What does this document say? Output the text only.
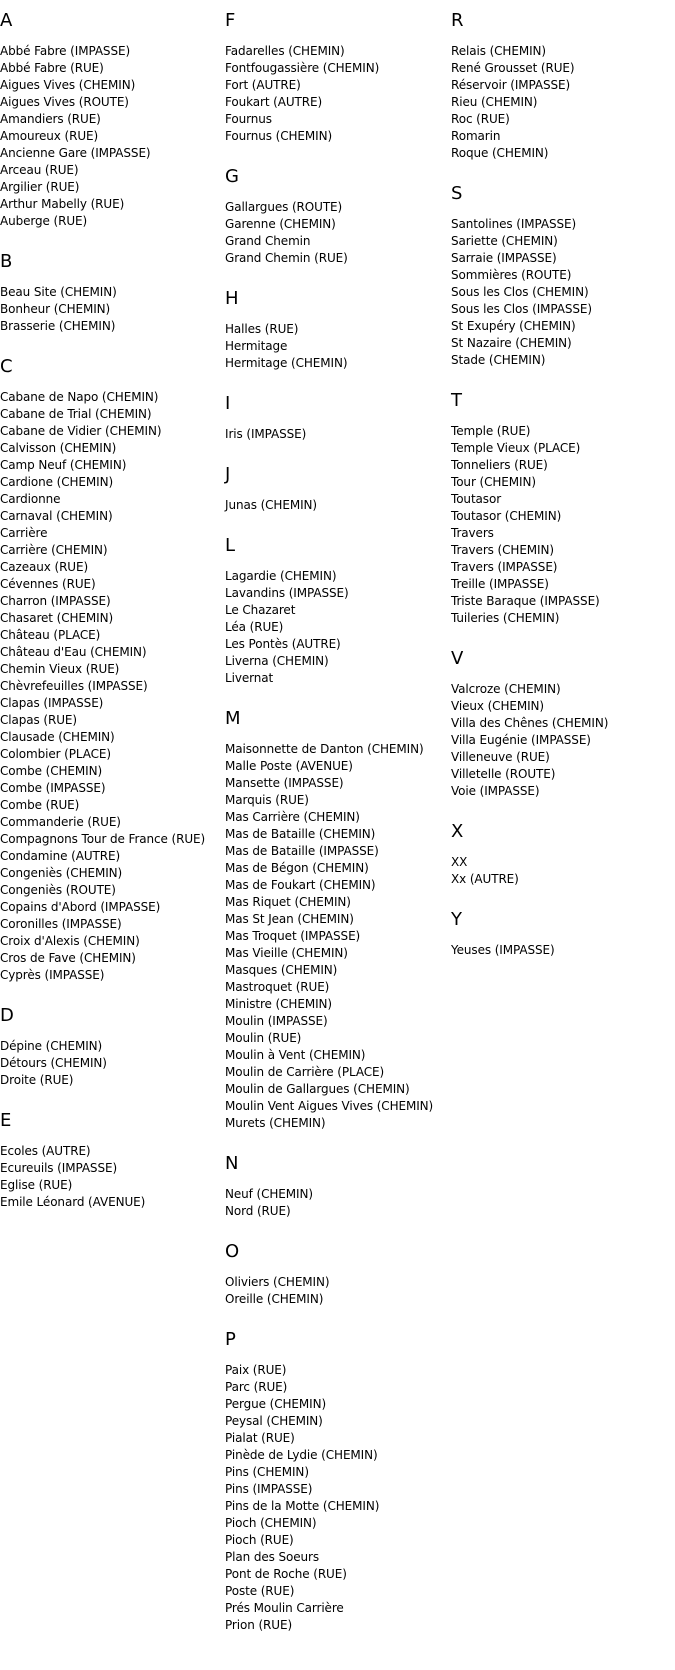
A
Abbé Fabre (IMPASSE)
Abbé Fabre (RUE)
Aigues Vives (CHEMIN)
Aigues Vives (ROUTE)
Amandiers (RUE)
Amoureux (RUE)
Ancienne Gare (IMPASSE)
Arceau (RUE)
Argilier (RUE)
Arthur Mabelly (RUE)
Auberge (RUE)
B
Beau Site (CHEMIN)
Bonheur (CHEMIN)
Brasserie (CHEMIN)
C
Cabane de Napo (CHEMIN)
Cabane de Trial (CHEMIN)
Cabane de Vidier (CHEMIN)
Calvisson (CHEMIN)
Camp Neuf (CHEMIN)
Cardione (CHEMIN)
Cardionne
Carnaval (CHEMIN)
Carrière
Carrière (CHEMIN)
Cazeaux (RUE)
Cévennes (RUE)
Charron (IMPASSE)
Chasaret (CHEMIN)
Château (PLACE)
Château d'Eau (CHEMIN)
Chemin Vieux (RUE)
Chèvrefeuilles (IMPASSE)
Clapas (IMPASSE)
Clapas (RUE)
Clausade (CHEMIN)
Colombier (PLACE)
Combe (CHEMIN)
Combe (IMPASSE)
Combe (RUE)
Commanderie (RUE)
Compagnons Tour de France (RUE)
Condamine (AUTRE)
Congeniès (CHEMIN)
Congeniès (ROUTE)
Copains d'Abord (IMPASSE)
Coronilles (IMPASSE)
Croix d'Alexis (CHEMIN)
Cros de Fave (CHEMIN)
Cyprès (IMPASSE)
D
Dépine (CHEMIN)
Détours (CHEMIN)
Droite (RUE)
E
Ecoles (AUTRE)
Ecureuils (IMPASSE)
Eglise (RUE)
Emile Léonard (AVENUE)
F
Fadarelles (CHEMIN)
Fontfougassière (CHEMIN)
Fort (AUTRE)
Foukart (AUTRE)
Fournus
Fournus (CHEMIN)
G
Gallargues (ROUTE)
Garenne (CHEMIN)
Grand Chemin
Grand Chemin (RUE)
H
Halles (RUE)
Hermitage
Hermitage (CHEMIN)
I
Iris (IMPASSE)
J
Junas (CHEMIN)
L
Lagardie (CHEMIN)
Lavandins (IMPASSE)
Le Chazaret
Léa (RUE)
Les Pontès (AUTRE)
Liverna (CHEMIN)
Livernat
M
Maisonnette de Danton (CHEMIN)
Malle Poste (AVENUE)
Mansette (IMPASSE)
Marquis (RUE)
Mas Carrière (CHEMIN)
Mas de Bataille (CHEMIN)
Mas de Bataille (IMPASSE)
Mas de Bégon (CHEMIN)
Mas de Foukart (CHEMIN)
Mas Riquet (CHEMIN)
Mas St Jean (CHEMIN)
Mas Troquet (IMPASSE)
Mas Vieille (CHEMIN)
Masques (CHEMIN)
Mastroquet (RUE)
Ministre (CHEMIN)
Moulin (IMPASSE)
Moulin (RUE)
Moulin à Vent (CHEMIN)
Moulin de Carrière (PLACE)
Moulin de Gallargues (CHEMIN)
Moulin Vent Aigues Vives (CHEMIN)
Murets (CHEMIN)
N
Neuf (CHEMIN)
Nord (RUE)
O
Oliviers (CHEMIN)
Oreille (CHEMIN)
P
Paix (RUE)
Parc (RUE)
Pergue (CHEMIN)
Peysal (CHEMIN)
Pialat (RUE)
Pinède de Lydie (CHEMIN)
Pins (CHEMIN)
Pins (IMPASSE)
Pins de la Motte (CHEMIN)
Pioch (CHEMIN)
Pioch (RUE)
Plan des Soeurs
Pont de Roche (RUE)
Poste (RUE)
Prés Moulin Carrière
Prion (RUE)
R
Relais (CHEMIN)
René Grousset (RUE)
Réservoir (IMPASSE)
Rieu (CHEMIN)
Roc (RUE)
Romarin
Roque (CHEMIN)
S
Santolines (IMPASSE)
Sariette (CHEMIN)
Sarraie (IMPASSE)
Sommières (ROUTE)
Sous les Clos (CHEMIN)
Sous les Clos (IMPASSE)
St Exupéry (CHEMIN)
St Nazaire (CHEMIN)
Stade (CHEMIN)
T
Temple (RUE)
Temple Vieux (PLACE)
Tonneliers (RUE)
Tour (CHEMIN)
Toutasor
Toutasor (CHEMIN)
Travers
Travers (CHEMIN)
Travers (IMPASSE)
Treille (IMPASSE)
Triste Baraque (IMPASSE)
Tuileries (CHEMIN)
V
Valcroze (CHEMIN)
Vieux (CHEMIN)
Villa des Chênes (CHEMIN)
Villa Eugénie (IMPASSE)
Villeneuve (RUE)
Villetelle (ROUTE)
Voie (IMPASSE)
X
XX
Xx (AUTRE)
Y
Yeuses (IMPASSE)
